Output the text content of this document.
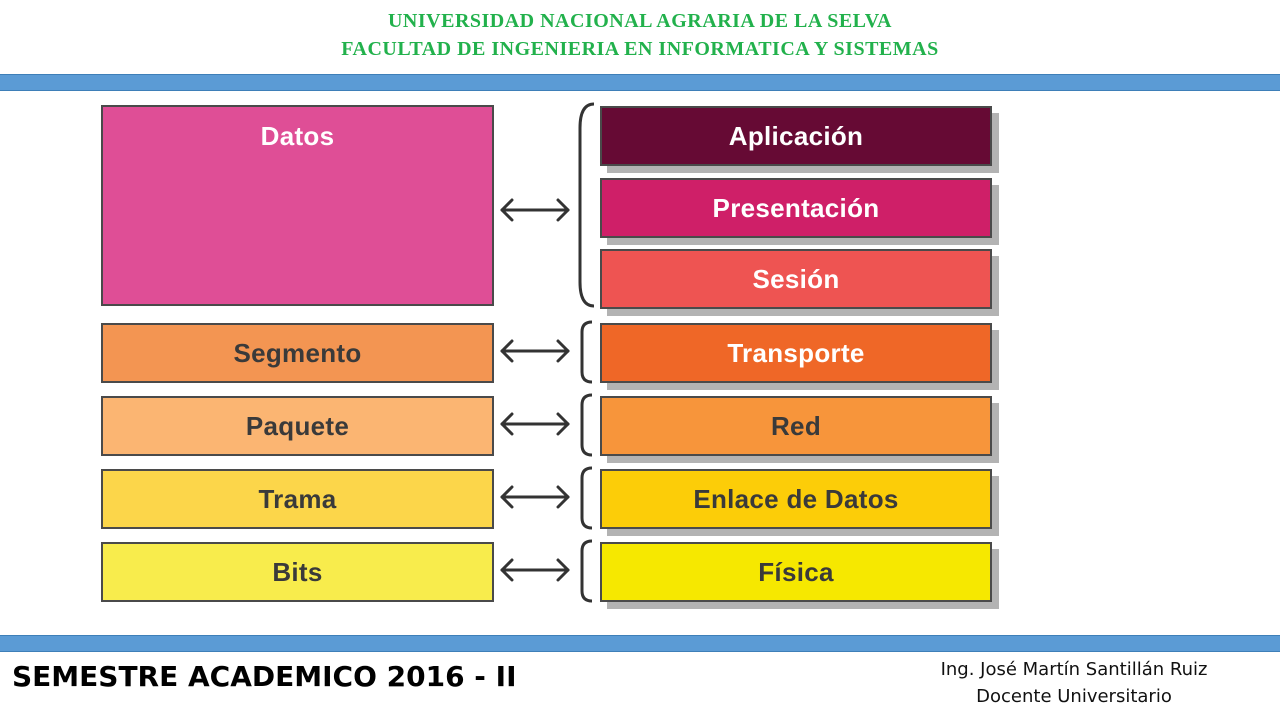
UNIVERSIDAD NACIONAL AGRARIA DE LA SELVA
FACULTAD DE INGENIERIA EN INFORMATICA Y SISTEMAS
Datos
Segmento
Paquete
Trama
Bits
Aplicación
Presentación
Sesión
Transporte
Red
Enlace de Datos
Física
SEMESTRE ACADEMICO 2016 - II	Ing. José Martín Santillán Ruiz
Docente Universitario
